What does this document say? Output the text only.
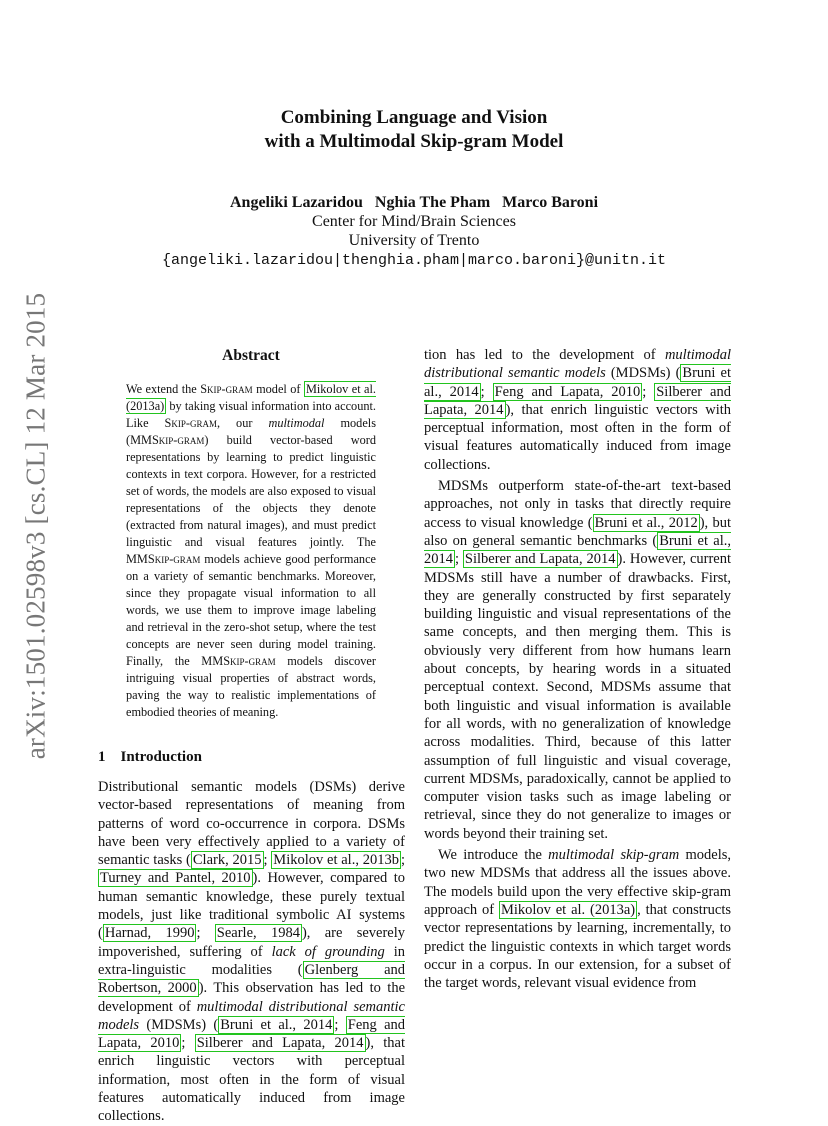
arXiv:1501.02598v3 [cs.CL] 12 Mar 2015
Combining Language and Vision
with a Multimodal Skip-gram Model
Angeliki Lazaridou   Nghia The Pham   Marco Baroni
Center for Mind/Brain Sciences
University of Trento
{angeliki.lazaridou|thenghia.pham|marco.baroni}@unitn.it
Abstract
We extend the Skip-gram model of Mikolov et al. (2013a) by taking visual information into account. Like Skip-gram, our multimodal models (MMSkip-gram) build vector-based word representations by learning to predict linguistic contexts in text corpora. However, for a restricted set of words, the models are also exposed to visual representations of the objects they denote (extracted from natural images), and must predict linguistic and visual features jointly. The MMSkip-gram models achieve good performance on a variety of semantic benchmarks. Moreover, since they propagate visual information to all words, we use them to improve image labeling and retrieval in the zero-shot setup, where the test concepts are never seen during model training. Finally, the MMSkip-gram models discover intriguing visual properties of abstract words, paving the way to realistic implementations of embodied theories of meaning.
1 Introduction
Distributional semantic models (DSMs) derive vector-based representations of meaning from patterns of word co-occurrence in corpora. DSMs have been very effectively applied to a variety of semantic tasks ( Clark, 2015 ; Mikolov et al., 2013b ; Turney and Pantel, 2010 ). However, compared to human semantic knowledge, these purely textual models, just like traditional symbolic AI systems ( Harnad, 1990 ; Searle, 1984 ), are severely impoverished, suffering of lack of grounding in extra-linguistic modalities ( Glenberg and Robertson, 2000 ). This observation has led to the development of multimodal distributional semantic models (MDSMs) ( Bruni et al., 2014 ; Feng and Lapata, 2010 ; Silberer and Lapata, 2014 ), that enrich linguistic vectors with perceptual information, most often in the form of visual features automatically induced from image collections.

tion has led to the development of multimodal distributional semantic models (MDSMs) ( Bruni et al., 2014 ; Feng and Lapata, 2010 ; Silberer and Lapata, 2014 ), that enrich linguistic vectors with perceptual information, most often in the form of visual features automatically induced from image collections.

MDSMs outperform state-of-the-art text-based approaches, not only in tasks that directly require access to visual knowledge ( Bruni et al., 2012 ), but also on general semantic benchmarks ( Bruni et al., 2014 ; Silberer and Lapata, 2014 ). However, current MDSMs still have a number of drawbacks. First, they are generally constructed by first separately building linguistic and visual representations of the same concepts, and then merging them. This is obviously very different from how humans learn about concepts, by hearing words in a situated perceptual context. Second, MDSMs assume that both linguistic and visual information is available for all words, with no generalization of knowledge across modalities. Third, because of this latter assumption of full linguistic and visual coverage, current MDSMs, paradoxically, cannot be applied to computer vision tasks such as image labeling or retrieval, since they do not generalize to images or words beyond their training set.

We introduce the multimodal skip-gram models, two new MDSMs that address all the issues above. The models build upon the very effective skip-gram approach of Mikolov et al. (2013a) , that constructs vector representations by learning, incrementally, to predict the linguistic contexts in which target words occur in a corpus. In our extension, for a subset of the target words, relevant visual evidence from
